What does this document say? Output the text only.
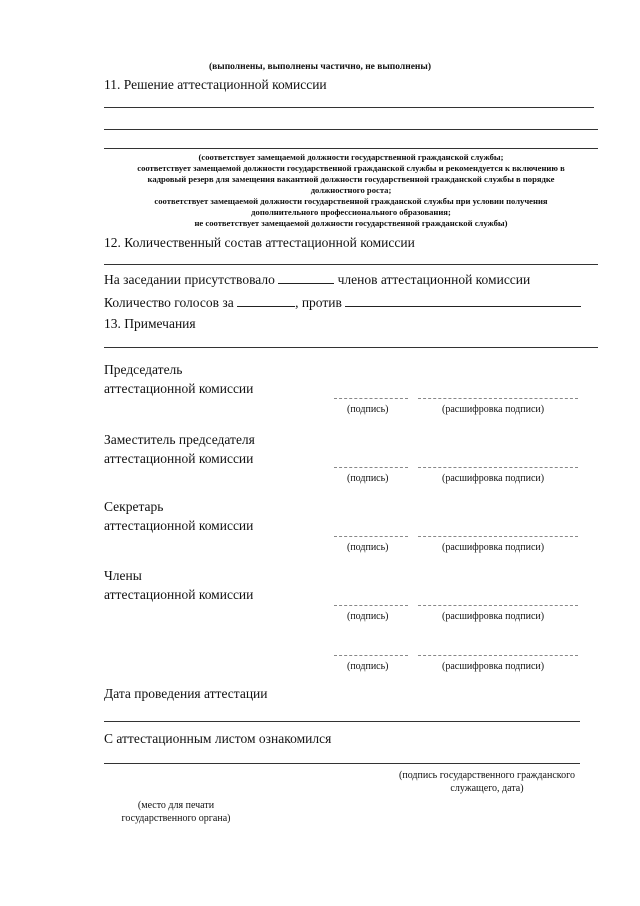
(выполнены, выполнены частично, не выполнены)
11. Решение аттестационной комиссии
(соответствует замещаемой должности государственной гражданской службы;
соответствует замещаемой должности государственной гражданской службы и рекомендуется к включению в
кадровый резерв для замещения вакантной должности государственной гражданской службы в порядке
должностного роста;
соответствует замещаемой должности государственной гражданской службы при условии получения
дополнительного профессионального образования;
не соответствует замещаемой должности государственной гражданской службы)
12. Количественный состав аттестационной комиссии
На заседании присутствовало	членов аттестационной комиссии
Количество голосов за	, против
13. Примечания
Председатель
аттестационной комиссии
(подпись)	(расшифровка подписи)
Заместитель председателя
аттестационной комиссии
(подпись)	(расшифровка подписи)
Секретарь
аттестационной комиссии
(подпись)	(расшифровка подписи)
Члены
аттестационной комиссии
(подпись)	(расшифровка подписи)
(подпись)	(расшифровка подписи)
Дата проведения аттестации
С аттестационным листом ознакомился
(подпись государственного гражданского
служащего, дата)
(место для печати
государственного органа)
